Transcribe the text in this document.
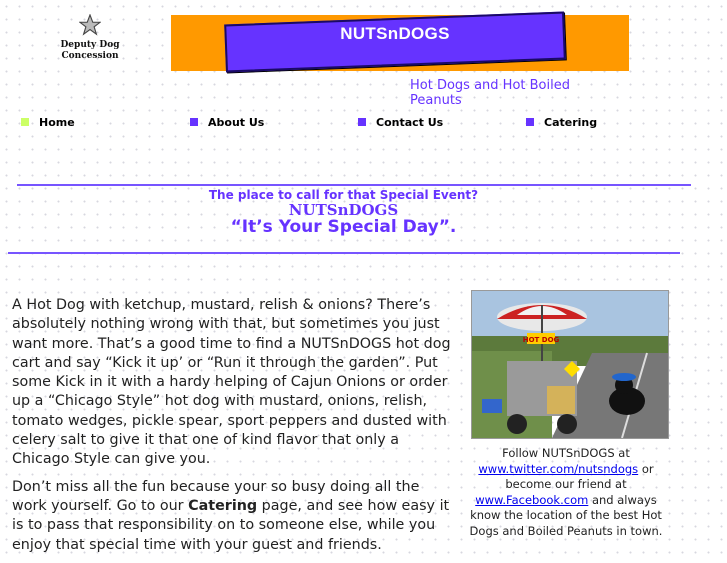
Deputy Dog
Concession
NUTSnDOGS
Hot Dogs and Hot Boiled Peanuts
Home	About Us	Contact Us	Catering
The place to call for that Special Event?
NUTSnDOGS
“It’s Your Special Day”.

A Hot Dog with ketchup, mustard, relish & onions? There’s absolutely nothing wrong with that, but sometimes you just want more. That’s a good time to find a NUTSnDOGS hot dog cart and say “Kick it up’ or “Run it through the garden”. Put some Kick in it with a hardy helping of Cajun Onions or order up a “Chicago Style” hot dog with mustard, onions, relish, tomato wedges, pickle spear, sport peppers and dusted with celery salt to give it that one of kind flavor that only a Chicago Style can give you.

Don’t miss all the fun because your so busy doing all the work yourself. Go to our Catering page, and see how easy it is to pass that responsibility on to someone else, while you enjoy that special time with your guest and friends.

HOT DOG
Follow NUTSnDOGS at
www.twitter.com/nutsndogs or become our friend at www.Facebook.com and always know the location of the best Hot Dogs and Boiled Peanuts in town.
